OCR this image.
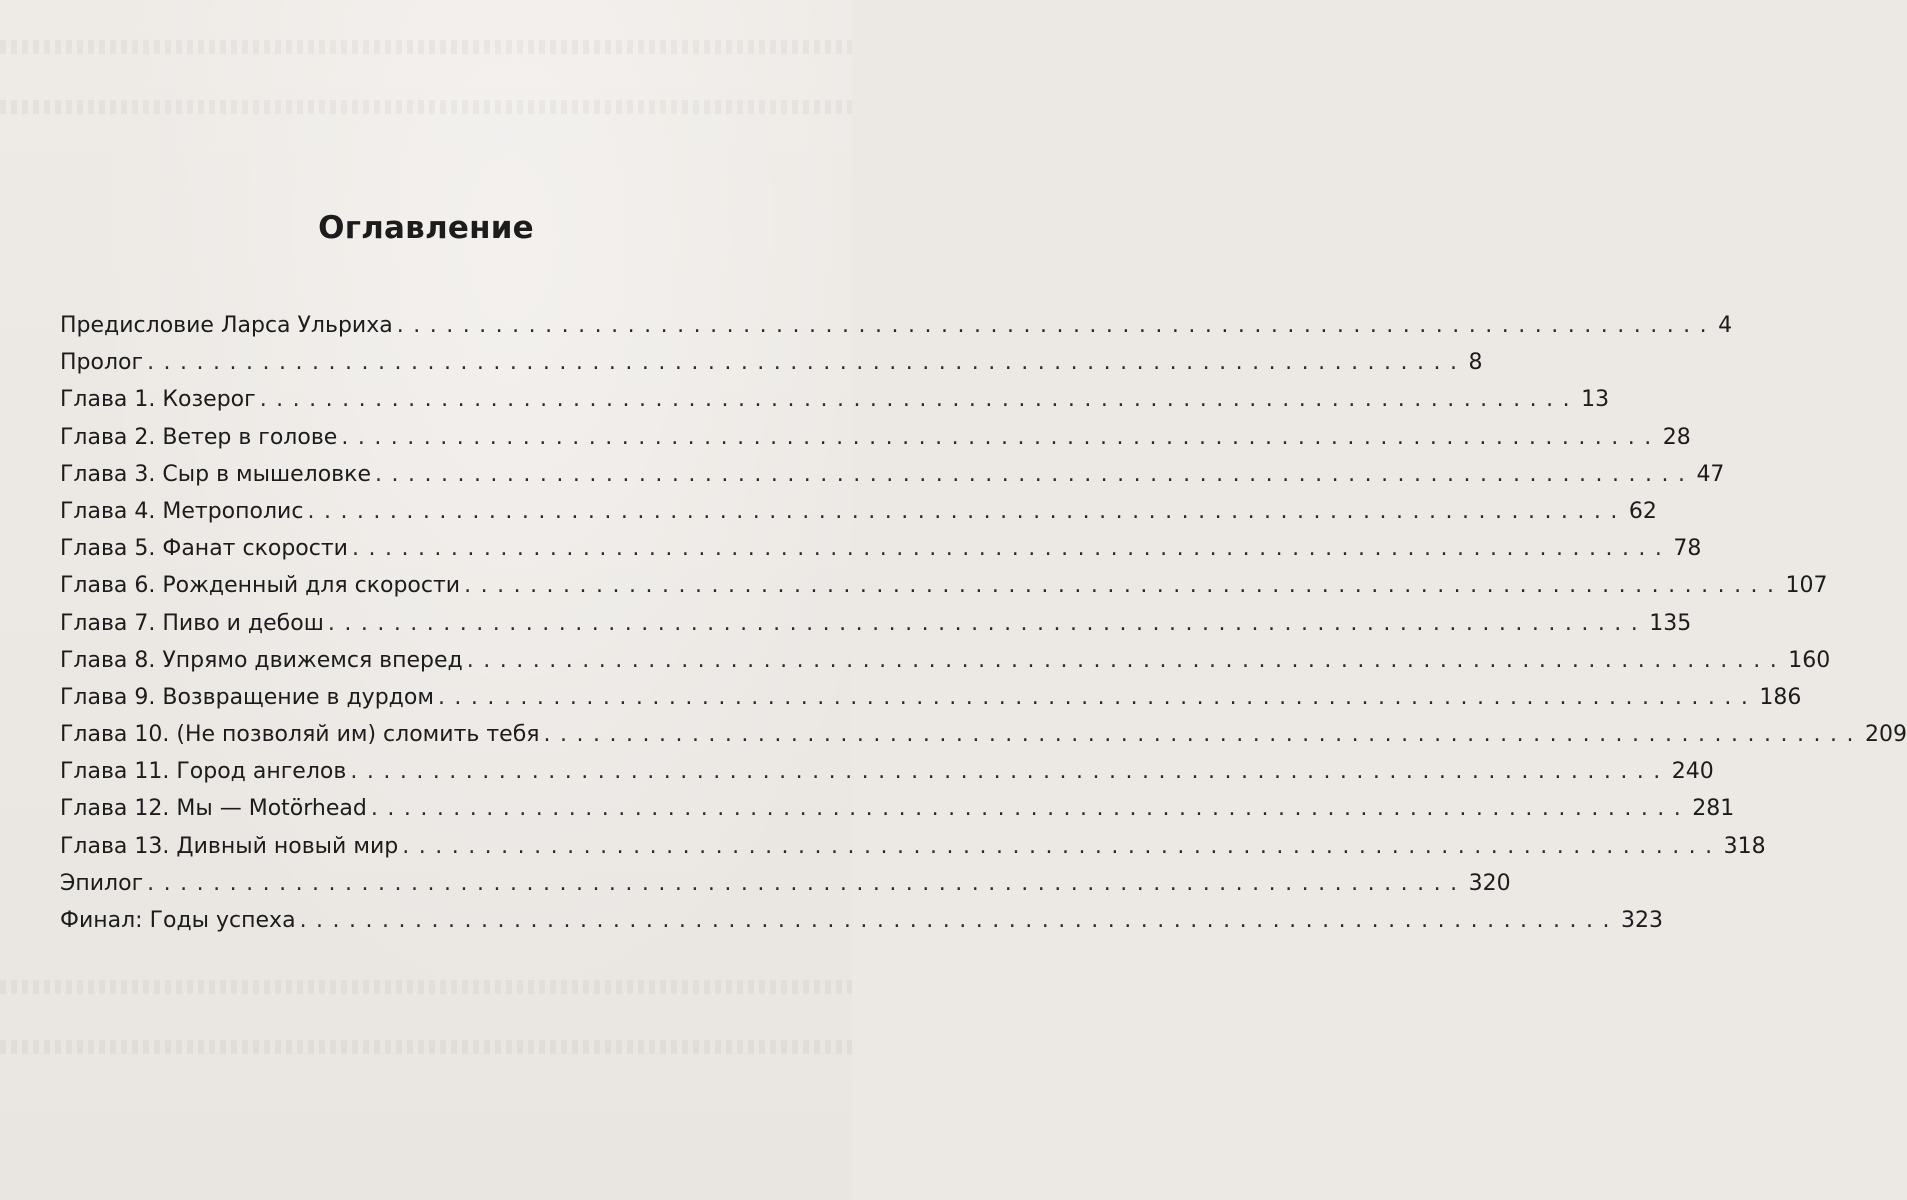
Оглавление
Предисловие Ларса Ульриха ................................................................................ 4
Пролог ................................................................................ 8
Глава 1. Козерог ................................................................................ 13
Глава 2. Ветер в голове ................................................................................ 28
Глава 3. Сыр в мышеловке ................................................................................ 47
Глава 4. Метрополис ................................................................................ 62
Глава 5. Фанат скорости ................................................................................ 78
Глава 6. Рожденный для скорости ................................................................................ 107
Глава 7. Пиво и дебош ................................................................................ 135
Глава 8. Упрямо движемся вперед ................................................................................ 160
Глава 9. Возвращение в дурдом ................................................................................ 186
Глава 10. (Не позволяй им) сломить тебя ................................................................................ 209
Глава 11. Город ангелов ................................................................................ 240
Глава 12. Мы — Motörhead ................................................................................ 281
Глава 13. Дивный новый мир ................................................................................ 318
Эпилог ................................................................................ 320
Финал: Годы успеха ................................................................................ 323
